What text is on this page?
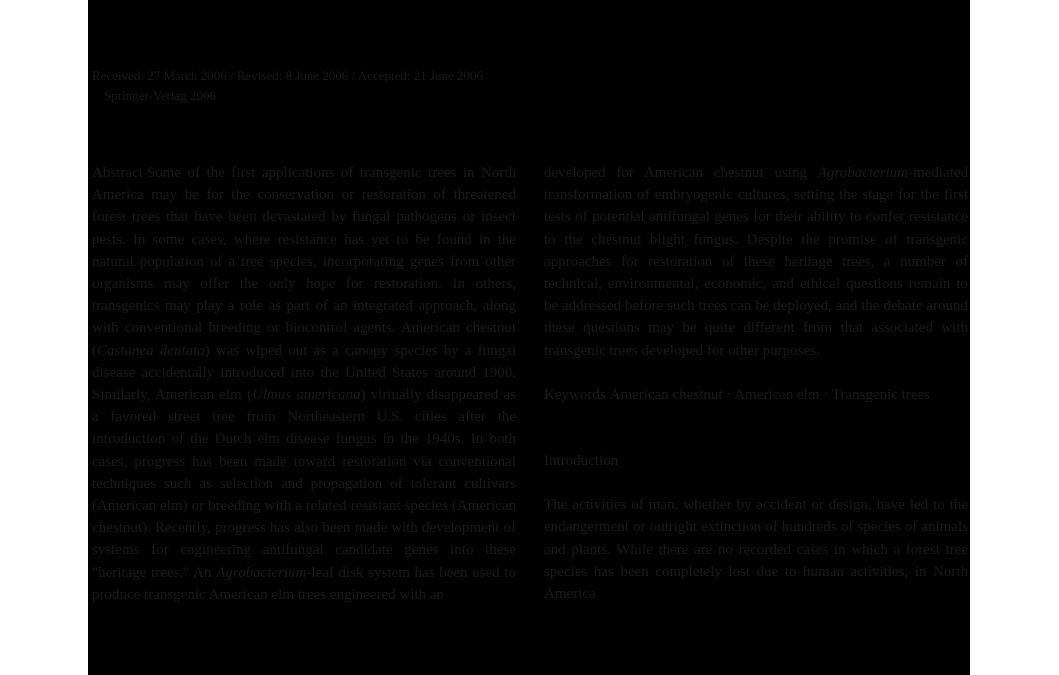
Received: 27 March 2006 / Revised: 8 June 2006 / Accepted: 21 June 2006

Springer-Verlag 2006

Abstract Some of the first applications of transgenic trees in North America may be for the conservation or restoration of threatened forest trees that have been devastated by fungal pathogens or insect pests. In some cases, where resistance has yet to be found in the natural population of a tree species, incorporating genes from other organisms may offer the only hope for restoration. In others, transgenics may play a role as part of an integrated approach, along with conventional breeding or biocontrol agents. American chestnut (Castanea dentata) was wiped out as a canopy species by a fungal disease accidentally introduced into the United States around 1900. Similarly, American elm (Ulmus americana) virtually disappeared as a favored street tree from Northeastern U.S. cities after the introduction of the Dutch elm disease fungus in the 1940s. In both cases, progress has been made toward restoration via conventional techniques such as selection and propagation of tolerant cultivars (American elm) or breeding with a related resistant species (American chestnut). Recently, progress has also been made with development of systems for engineering antifungal candidate genes into these "heritage trees." An Agrobacterium-leaf disk system has been used to produce transgenic American elm trees engineered with an

developed for American chestnut using Agrobacterium-mediated transformation of embryogenic cultures, setting the stage for the first tests of potential antifungal genes for their ability to confer resistance to the chestnut blight fungus. Despite the promise of transgenic approaches for restoration of these heritage trees, a number of technical, environmental, economic, and ethical questions remain to be addressed before such trees can be deployed, and the debate around these questions may be quite different from that associated with transgenic trees developed for other purposes.

Keywords American chestnut · American elm · Transgenic trees

Introduction

The activities of man, whether by accident or design, have led to the endangerment or outright extinction of hundreds of species of animals and plants. While there are no recorded cases in which a forest tree species has been completely lost due to human activities, in North America
